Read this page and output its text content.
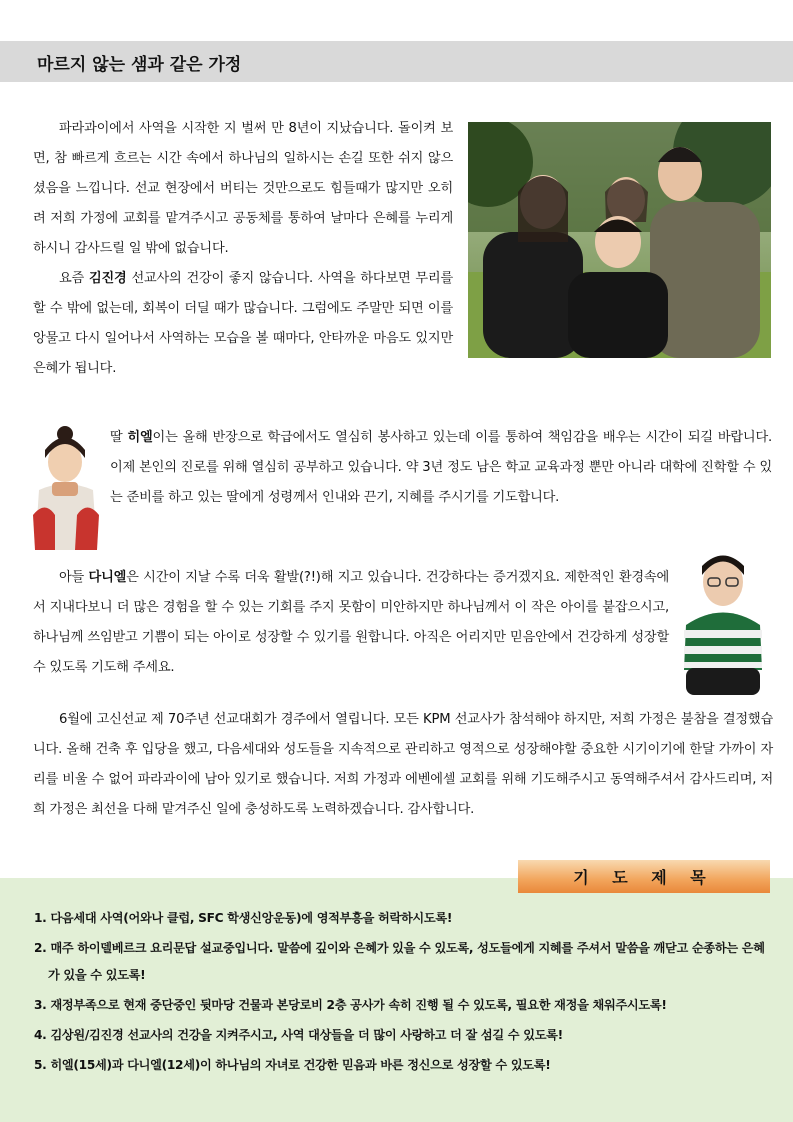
마르지 않는 샘과 같은 가정
파라과이에서 사역을 시작한 지 벌써 만 8년이 지났습니다. 돌이켜 보면, 참 빠르게 흐르는 시간 속에서 하나님의 일하시는 손길 또한 쉬지 않으셨음을 느낍니다. 선교 현장에서 버티는 것만으로도 힘들때가 많지만 오히려 저희 가정에 교회를 맡겨주시고 공동체를 통하여 날마다 은혜를 누리게 하시니 감사드릴 일 밖에 없습니다.
요즘 김진경 선교사의 건강이 좋지 않습니다. 사역을 하다보면 무리를 할 수 밖에 없는데, 회복이 더딜 때가 많습니다. 그럼에도 주말만 되면 이를 앙물고 다시 일어나서 사역하는 모습을 볼 때마다, 안타까운 마음도 있지만 은혜가 됩니다.
딸 히엘이는 올해 반장으로 학급에서도 열심히 봉사하고 있는데 이를 통하여 책임감을 배우는 시간이 되길 바랍니다. 이제 본인의 진로를 위해 열심히 공부하고 있습니다. 약 3년 정도 남은 학교 교육과정 뿐만 아니라 대학에 진학할 수 있는 준비를 하고 있는 딸에게 성령께서 인내와 끈기, 지혜를 주시기를 기도합니다.
아들 다니엘은 시간이 지날 수록 더욱 활발(?!)해 지고 있습니다. 건강하다는 증거겠지요. 제한적인 환경속에서 지내다보니 더 많은 경험을 할 수 있는 기회를 주지 못함이 미안하지만 하나님께서 이 작은 아이를 붙잡으시고, 하나님께 쓰임받고 기쁨이 되는 아이로 성장할 수 있기를 원합니다. 아직은 어리지만 믿음안에서 건강하게 성장할 수 있도록 기도해 주세요.
6월에 고신선교 제 70주년 선교대회가 경주에서 열립니다. 모든 KPM 선교사가 참석해야 하지만, 저희 가정은 불참을 결정했습니다. 올해 건축 후 입당을 했고, 다음세대와 성도들을 지속적으로 관리하고 영적으로 성장해야할 중요한 시기이기에 한달 가까이 자리를 비울 수 없어 파라과이에 남아 있기로 했습니다. 저희 가정과 에벤에셀 교회를 위해 기도해주시고 동역해주셔서 감사드리며, 저희 가정은 최선을 다해 맡겨주신 일에 충성하도록 노력하겠습니다. 감사합니다.
기 도 제 목
1. 다음세대 사역(어와나 클럽, SFC 학생신앙운동)에 영적부흥을 허락하시도록!
2. 매주 하이델베르크 요리문답 설교중입니다. 말씀에 깊이와 은혜가 있을 수 있도록, 성도들에게 지혜를 주셔서 말씀을 깨닫고 순종하는 은혜가 있을 수 있도록!
3. 재정부족으로 현재 중단중인 뒷마당 건물과 본당로비 2층 공사가 속히 진행 될 수 있도록, 필요한 재정을 채워주시도록!
4. 김상원/김진경 선교사의 건강을 지켜주시고, 사역 대상들을 더 많이 사랑하고 더 잘 섬길 수 있도록!
5. 히엘(15세)과 다니엘(12세)이 하나님의 자녀로 건강한 믿음과 바른 정신으로 성장할 수 있도록!
